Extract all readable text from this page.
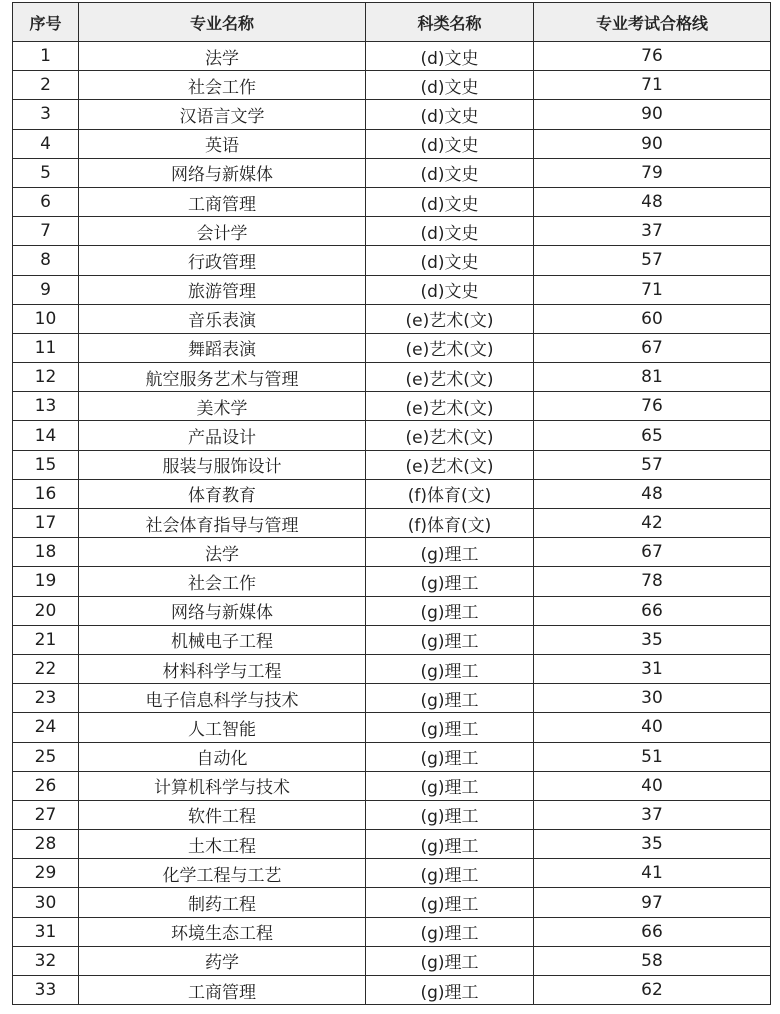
序号	专业名称	科类名称	专业考试合格线
1	法学	(d)文史	76
2	社会工作	(d)文史	71
3	汉语言文学	(d)文史	90
4	英语	(d)文史	90
5	网络与新媒体	(d)文史	79
6	工商管理	(d)文史	48
7	会计学	(d)文史	37
8	行政管理	(d)文史	57
9	旅游管理	(d)文史	71
10	音乐表演	(e)艺术(文)	60
11	舞蹈表演	(e)艺术(文)	67
12	航空服务艺术与管理	(e)艺术(文)	81
13	美术学	(e)艺术(文)	76
14	产品设计	(e)艺术(文)	65
15	服装与服饰设计	(e)艺术(文)	57
16	体育教育	(f)体育(文)	48
17	社会体育指导与管理	(f)体育(文)	42
18	法学	(g)理工	67
19	社会工作	(g)理工	78
20	网络与新媒体	(g)理工	66
21	机械电子工程	(g)理工	35
22	材料科学与工程	(g)理工	31
23	电子信息科学与技术	(g)理工	30
24	人工智能	(g)理工	40
25	自动化	(g)理工	51
26	计算机科学与技术	(g)理工	40
27	软件工程	(g)理工	37
28	土木工程	(g)理工	35
29	化学工程与工艺	(g)理工	41
30	制药工程	(g)理工	97
31	环境生态工程	(g)理工	66
32	药学	(g)理工	58
33	工商管理	(g)理工	62
